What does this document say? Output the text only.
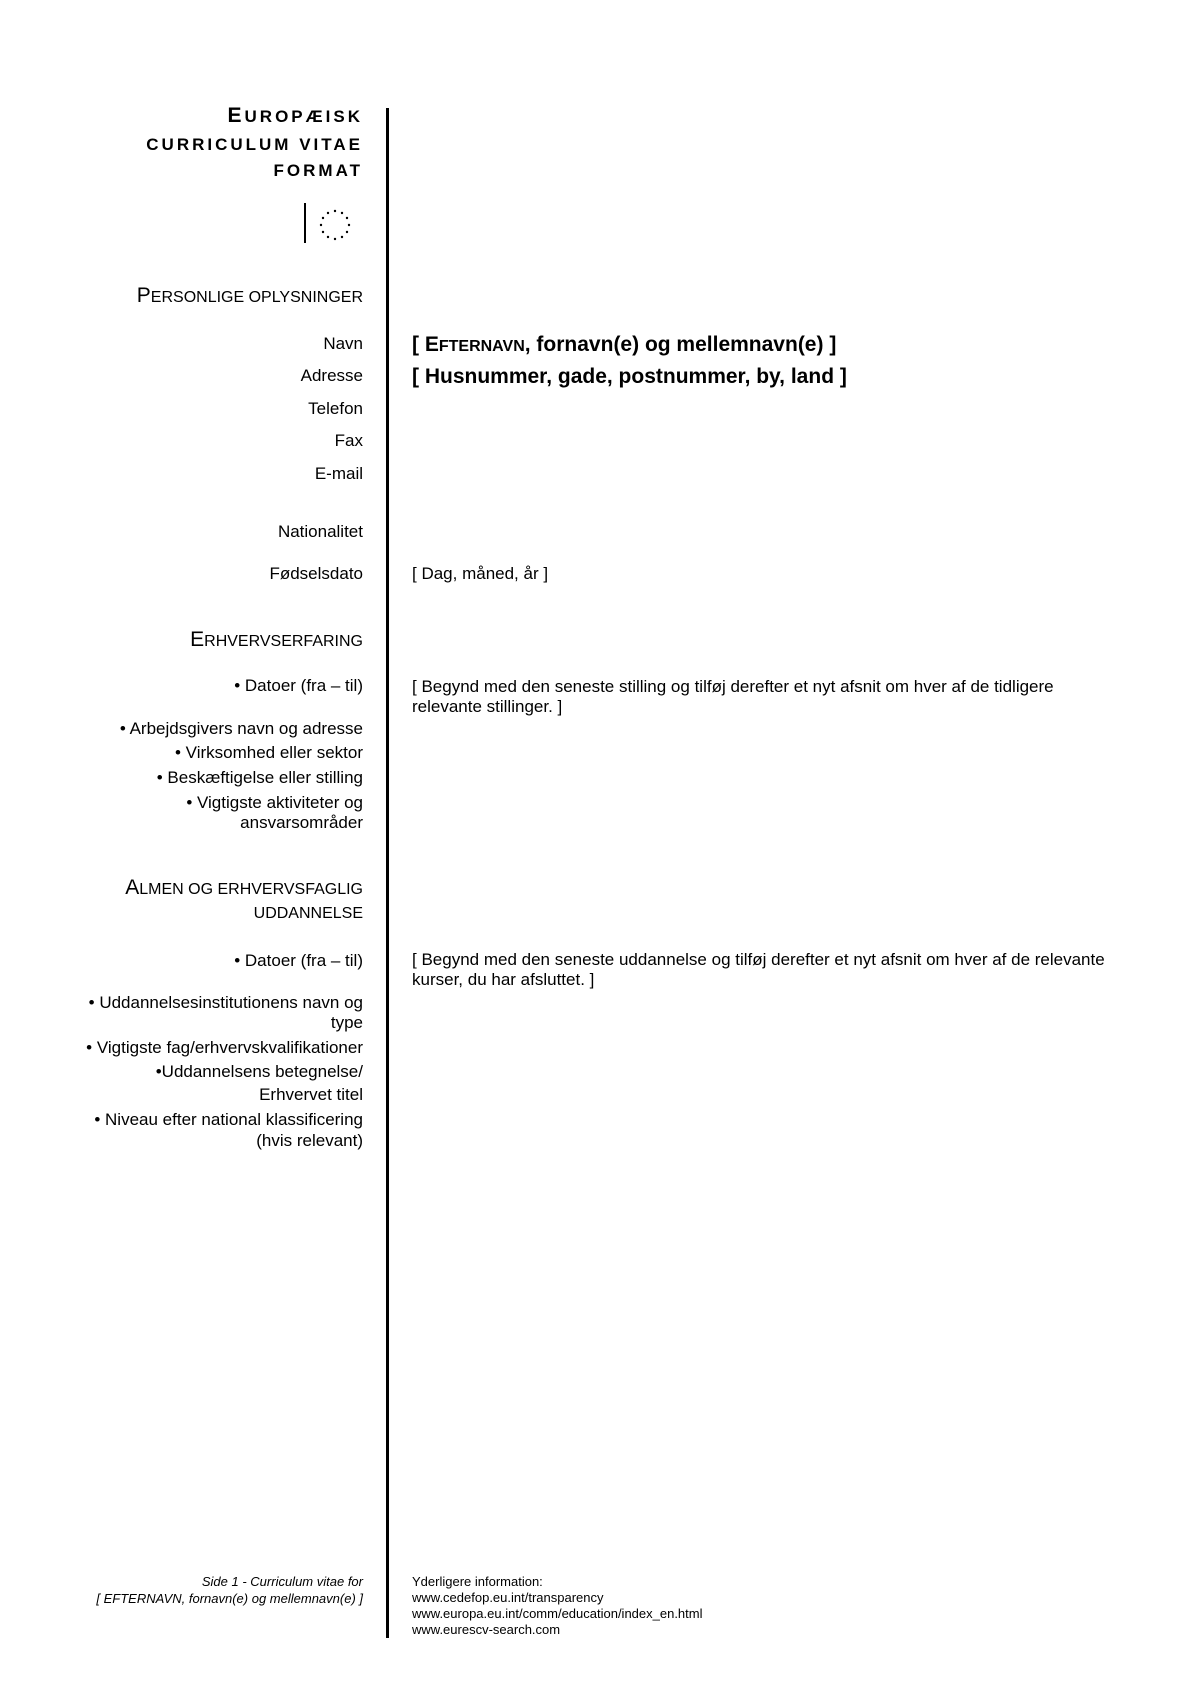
EUROPÆISK
CURRICULUM VITAE
FORMAT
PERSONLIGE OPLYSNINGER
Navn
Adresse
Telefon
Fax
E-mail
Nationalitet
Fødselsdato
[ EFTERNAVN, fornavn(e) og mellemnavn(e) ]
[ Husnummer, gade, postnummer, by, land ]
[ Dag, måned, år ]
ERHVERVSERFARING
• Datoer (fra – til)
• Arbejdsgivers navn og adresse
• Virksomhed eller sektor
• Beskæftigelse eller stilling
• Vigtigste aktiviteter og
ansvarsområder
[ Begynd med den seneste stilling og tilføj derefter et nyt afsnit om hver af de tidligere relevante stillinger. ]
ALMEN OG ERHVERVSFAGLIG
UDDANNELSE
• Datoer (fra – til)
• Uddannelsesinstitutionens navn og
type
• Vigtigste fag/erhvervskvalifikationer
•Uddannelsens betegnelse/
Erhvervet titel
• Niveau efter national klassificering
(hvis relevant)
[ Begynd med den seneste uddannelse og tilføj derefter et nyt afsnit om hver af de relevante kurser, du har afsluttet. ]
Side 1 - Curriculum vitae for
[ EFTERNAVN, fornavn(e) og mellemnavn(e) ]
Yderligere information:
www.cedefop.eu.int/transparency
www.europa.eu.int/comm/education/index_en.html
www.eurescv-search.com
